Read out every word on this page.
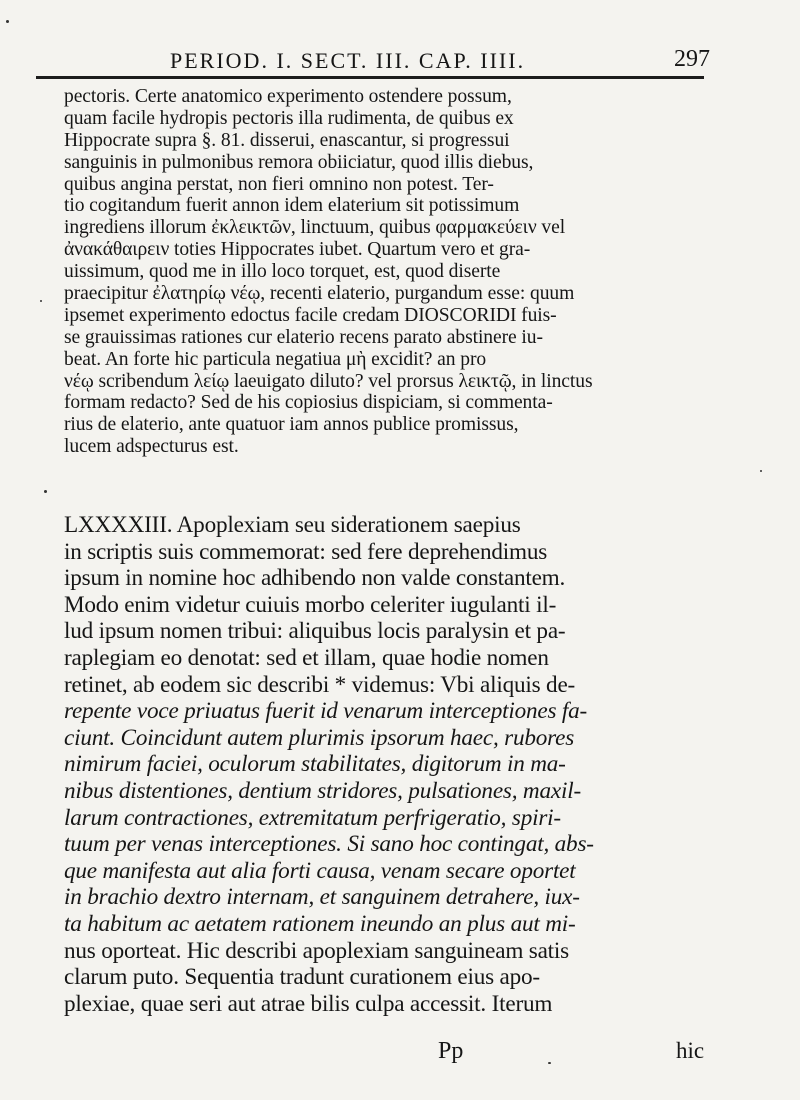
PERIOD. I. SECT. III. CAP. IIII.	297
pectoris. Certe anatomico experimento ostendere possum,
quam facile hydropis pectoris illa rudimenta, de quibus ex
Hippocrate supra §. 81. disserui, enascantur, si progressui
sanguinis in pulmonibus remora obiiciatur, quod illis diebus,
quibus angina perstat, non fieri omnino non potest. Ter-
tio cogitandum fuerit annon idem elaterium sit potissimum
ingrediens illorum ἐκλεικτῶν, linctuum, quibus φαρμακεύειν vel
ἀνακάθαιρειν toties Hippocrates iubet. Quartum vero et gra-
uissimum, quod me in illo loco torquet, est, quod diserte
praecipitur ἐλατηρίῳ νέῳ, recenti elaterio, purgandum esse: quum
ipsemet experimento edoctus facile credam DIOSCORIDI fuis-
se grauissimas rationes cur elaterio recens parato abstinere iu-
beat. An forte hic particula negatiua μὴ excidit? an pro
νέῳ scribendum λείῳ laeuigato diluto? vel prorsus λεικτῷ, in linctus
formam redacto? Sed de his copiosius dispiciam, si commenta-
rius de elaterio, ante quatuor iam annos publice promissus,
lucem adspecturus est.
LXXXXIII. Apoplexiam seu siderationem saepius
in scriptis suis commemorat: sed fere deprehendimus
ipsum in nomine hoc adhibendo non valde constantem.
Modo enim videtur cuiuis morbo celeriter iugulanti il-
lud ipsum nomen tribui: aliquibus locis paralysin et pa-
raplegiam eo denotat: sed et illam, quae hodie nomen
retinet, ab eodem sic describi * videmus: Vbi aliquis de-
repente voce priuatus fuerit id venarum interceptiones fa-
ciunt. Coincidunt autem plurimis ipsorum haec, rubores
nimirum faciei, oculorum stabilitates, digitorum in ma-
nibus distentiones, dentium stridores, pulsationes, maxil-
larum contractiones, extremitatum perfrigeratio, spiri-
tuum per venas interceptiones. Si sano hoc contingat, abs-
que manifesta aut alia forti causa, venam secare oportet
in brachio dextro internam, et sanguinem detrahere, iux-
ta habitum ac aetatem rationem ineundo an plus aut mi-
nus oporteat. Hic describi apoplexiam sanguineam satis
clarum puto. Sequentia tradunt curationem eius apo-
plexiae, quae seri aut atrae bilis culpa accessit. Iterum
Pp	hic
